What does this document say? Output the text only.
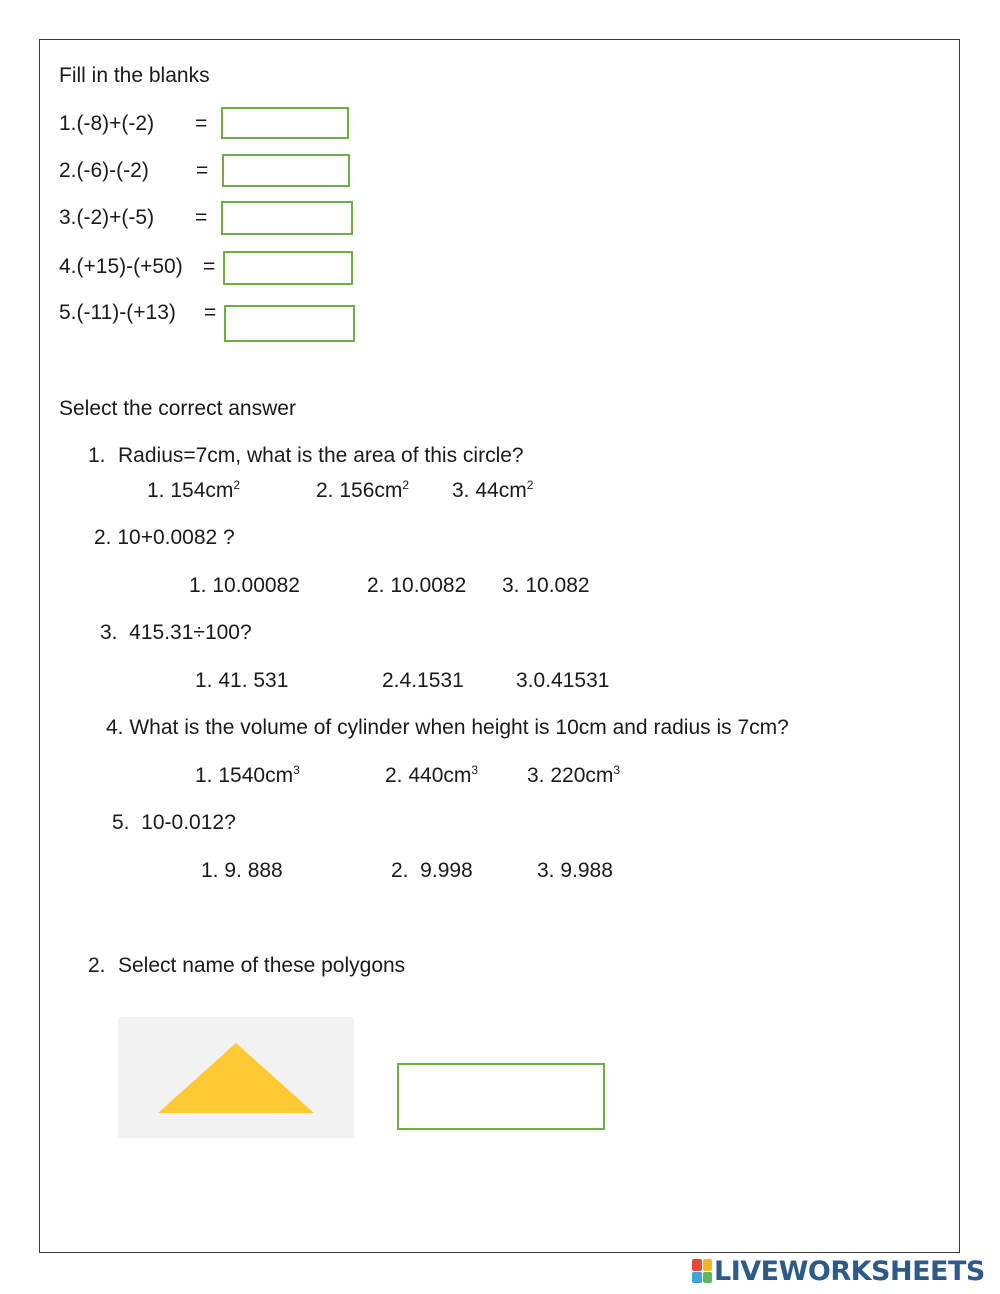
Fill in the blanks
1.(-8)+(-2) =
2.(-6)-(-2) =
3.(-2)+(-5) =
4.(+15)-(+50) =
5.(-11)-(+13) =
Select the correct answer
1. Radius=7cm, what is the area of this circle?
1. $154cm^2$	2. $156cm^2$ 3. $44cm^2$
2. 10+0.0082 ?
1. 10.00082	2. 10.0082 3. 10.082
3.  415.31÷100?
1. 41. 531	2.4.1531 3.0.41531
4. What is the volume of cylinder when height is 10cm and radius is 7cm?
1. $1540cm^3$	2. $440cm^3$ 3. $220cm^3$
5.  10-0.012?
1. 9. 888	2.  9.998	3. 9.988
2. Select name of these polygons
LIVEWORKSHEETS
